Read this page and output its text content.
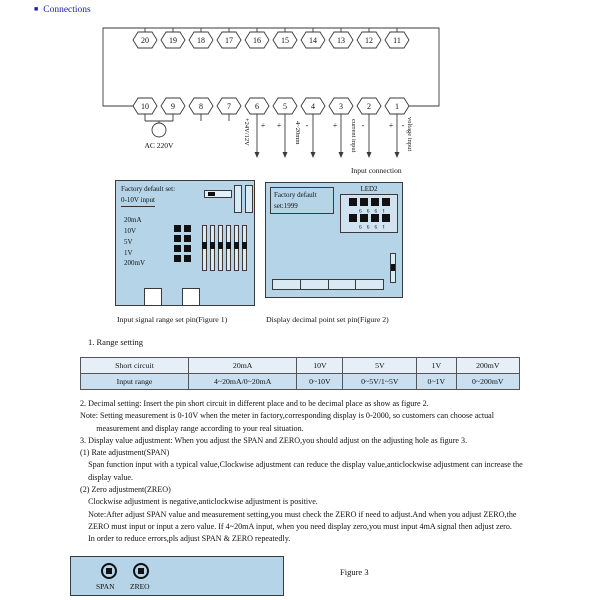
■ Connections
20	19	18	17	16	15	14	13	12	11
10	9	8	7	6	5	4	3	2	1
AC 220V
+ +	-	+	-	+ -
+24V/12V	4~20mm	current input	voltage input
Input connection
Factory default set:
0-10V input
20mA
10V
5V
1V
200mV
Factory default
set:1999
LED2
1999
1999
Input signal range set pin(Figure 1)	Display decimal point set pin(Figure 2)
1. Range setting
Short circuit	20mA	10V	5V	1V	200mV
Input range	4~20mA/0~20mA	0~10V	0~5V/1~5V	0~1V	0~200mV
2. Decimal setting: Insert the pin short circuit in different place and to be decimal place as show as figure 2.
Note: Setting measurement is 0-10V when the meter in factory,corresponding display is 0-2000, so customers can choose actual
measurement and display range according to your real situation.
3. Display value adjustment: When you adjust the SPAN and ZERO,you should adjust on the adjusting hole as figure 3.
(1) Rate adjustment(SPAN)
Span function input with a typical value,Clockwise adjustment can reduce the display value,anticlockwise adjustment can increase the
display value.
(2) Zero adjustment(ZREO)
Clockwise adjustment is negative,anticlockwise adjustment is positive.
Note:After adjust SPAN value and measurement setting,you must check the ZERO if need to adjust.And when you adjust ZERO,the
ZERO must input or input a zero value. If 4~20mA input, when you need display zero,you must input 4mA signal then adjust zero.
In order to reduce errors,pls adjust SPAN & ZERO repeatedly.
SPAN ZREO
Figure 3
